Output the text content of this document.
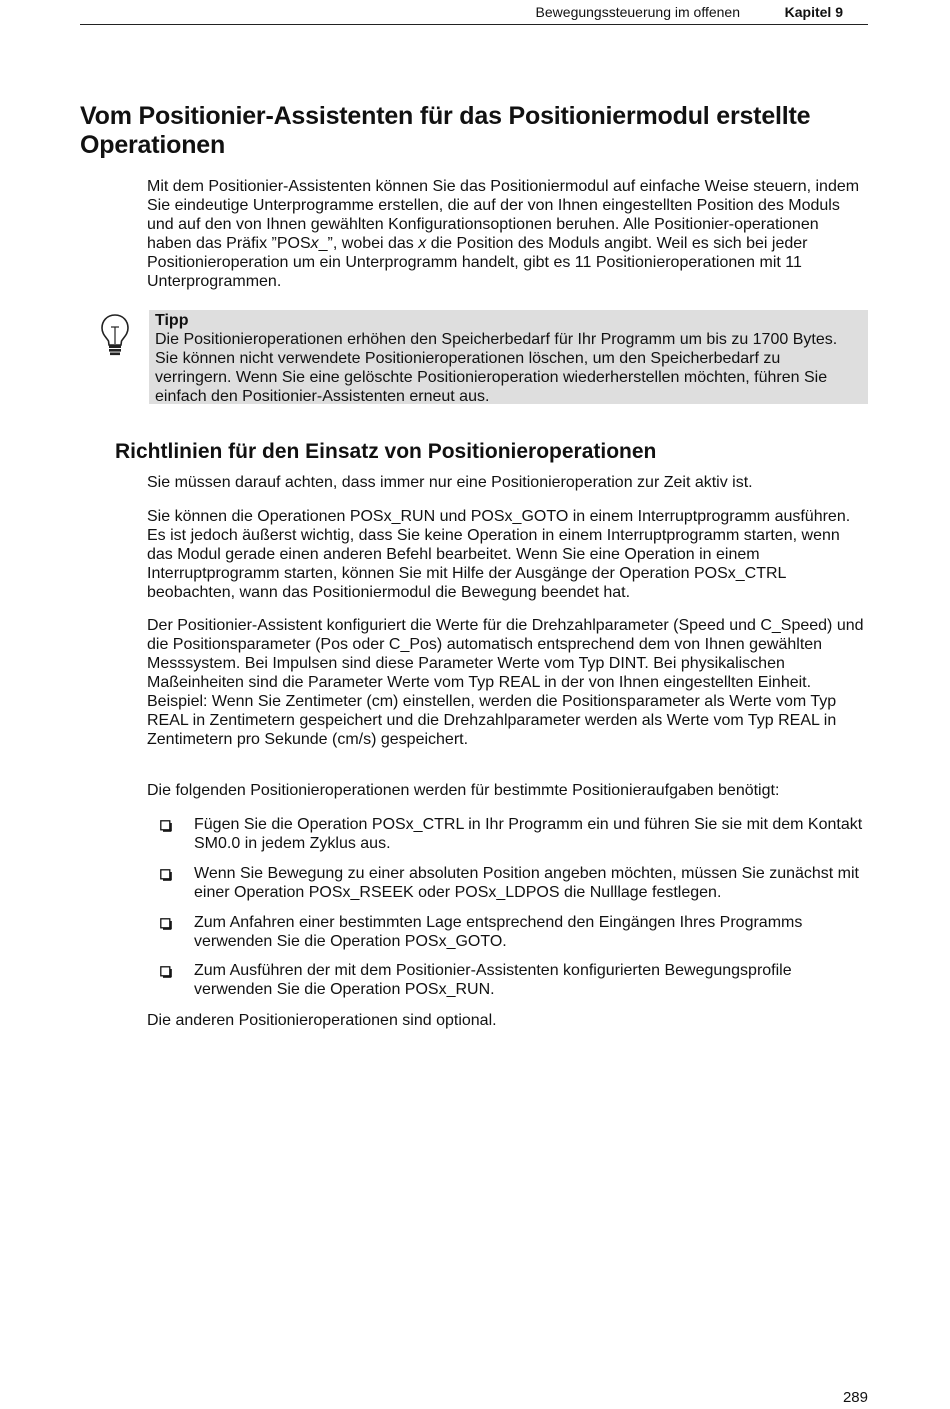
Bewegungssteuerung im offenen	Kapitel 9
Vom Positionier-Assistenten für das Positioniermodul erstellte Operationen

Mit dem Positionier-Assistenten können Sie das Positioniermodul auf einfache Weise steuern, indem Sie eindeutige Unterprogramme erstellen, die auf der von Ihnen eingestellten Position des Moduls und auf den von Ihnen gewählten Konfigurationsoptionen beruhen. Alle Positionier-operationen haben das Präfix ”POSx_”, wobei das x die Position des Moduls angibt. Weil es sich bei jeder Positionieroperation um ein Unterprogramm handelt, gibt es 11 Positionieroperationen mit 11 Unterprogrammen.

Tipp

Die Positionieroperationen erhöhen den Speicherbedarf für Ihr Programm um bis zu 1700 Bytes. Sie können nicht verwendete Positionieroperationen löschen, um den Speicherbedarf zu verringern. Wenn Sie eine gelöschte Positionieroperation wiederherstellen möchten, führen Sie einfach den Positionier-Assistenten erneut aus.

Richtlinien für den Einsatz von Positionieroperationen

Sie müssen darauf achten, dass immer nur eine Positionieroperation zur Zeit aktiv ist.

Sie können die Operationen POSx_RUN und POSx_GOTO in einem Interruptprogramm ausführen. Es ist jedoch äußerst wichtig, dass Sie keine Operation in einem Interruptprogramm starten, wenn das Modul gerade einen anderen Befehl bearbeitet. Wenn Sie eine Operation in einem Interruptprogramm starten, können Sie mit Hilfe der Ausgänge der Operation POSx_CTRL beobachten, wann das Positioniermodul die Bewegung beendet hat.

Der Positionier-Assistent konfiguriert die Werte für die Drehzahlparameter (Speed und C_Speed) und die Positionsparameter (Pos oder C_Pos) automatisch entsprechend dem von Ihnen gewählten Messsystem. Bei Impulsen sind diese Parameter Werte vom Typ DINT. Bei physikalischen Maßeinheiten sind die Parameter Werte vom Typ REAL in der von Ihnen eingestellten Einheit. Beispiel: Wenn Sie Zentimeter (cm) einstellen, werden die Positionsparameter als Werte vom Typ REAL in Zentimetern gespeichert und die Drehzahlparameter werden als Werte vom Typ REAL in Zentimetern pro Sekunde (cm/s) gespeichert.

Die folgenden Positionieroperationen werden für bestimmte Positionieraufgaben benötigt:

Fügen Sie die Operation POSx_CTRL in Ihr Programm ein und führen Sie sie mit dem Kontakt SM0.0 in jedem Zyklus aus.

Wenn Sie Bewegung zu einer absoluten Position angeben möchten, müssen Sie zunächst mit einer Operation POSx_RSEEK oder POSx_LDPOS die Nulllage festlegen.

Zum Anfahren einer bestimmten Lage entsprechend den Eingängen Ihres Programms verwenden Sie die Operation POSx_GOTO.

Zum Ausführen der mit dem Positionier-Assistenten konfigurierten Bewegungsprofile verwenden Sie die Operation POSx_RUN.

Die anderen Positionieroperationen sind optional.

289
